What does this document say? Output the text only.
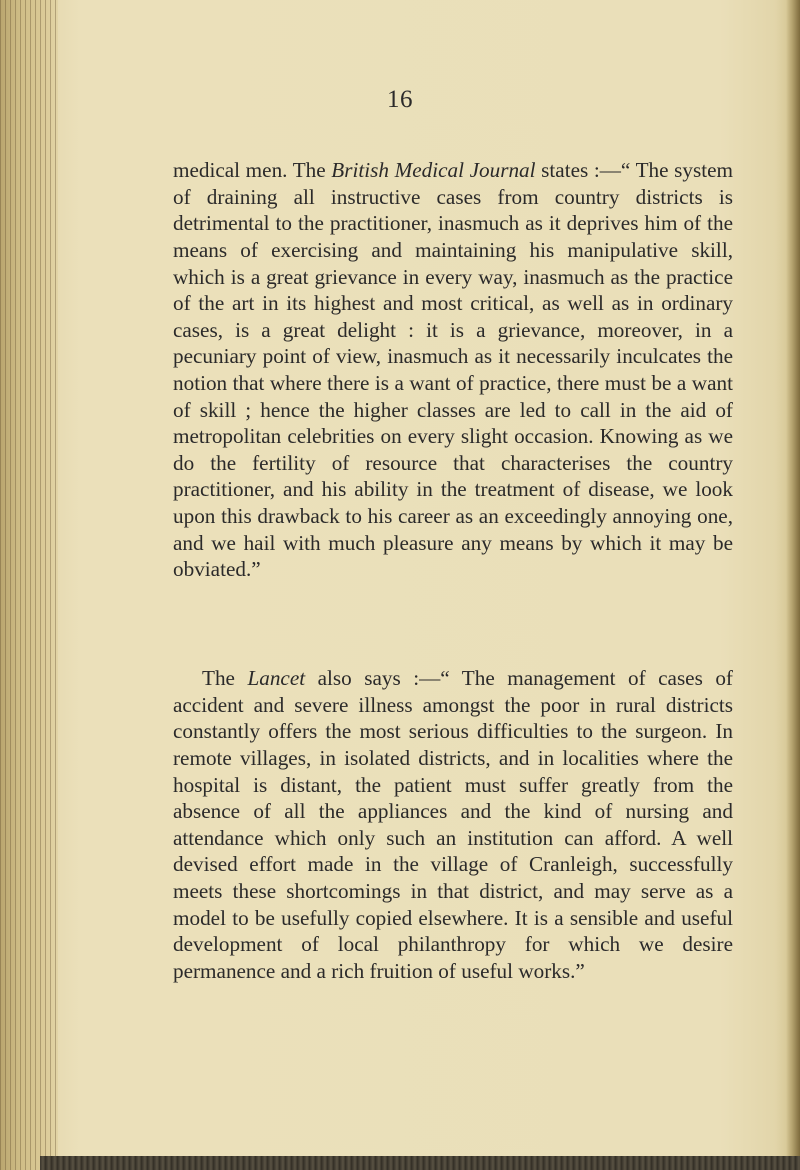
16

medical men. The British Medical Journal states :—“ The system of draining all instructive cases from country districts is detrimental to the practitioner, inasmuch as it deprives him of the means of exercising and maintaining his manipulative skill, which is a great grievance in every way, inasmuch as the practice of the art in its highest and most critical, as well as in ordinary cases, is a great delight : it is a grievance, moreover, in a pecuniary point of view, inasmuch as it necessarily inculcates the notion that where there is a want of practice, there must be a want of skill ; hence the higher classes are led to call in the aid of metropolitan celebrities on every slight occasion. Knowing as we do the fertility of resource that characterises the country practitioner, and his ability in the treatment of disease, we look upon this drawback to his career as an exceedingly annoying one, and we hail with much pleasure any means by which it may be obviated.”

The Lancet also says :—“ The management of cases of accident and severe illness amongst the poor in rural districts constantly offers the most serious difficulties to the surgeon. In remote villages, in isolated districts, and in localities where the hospital is distant, the patient must suffer greatly from the absence of all the appliances and the kind of nursing and attendance which only such an institution can afford. A well devised effort made in the village of Cranleigh, successfully meets these shortcomings in that district, and may serve as a model to be usefully copied elsewhere. It is a sensible and useful development of local philanthropy for which we desire permanence and a rich fruition of useful works.”
